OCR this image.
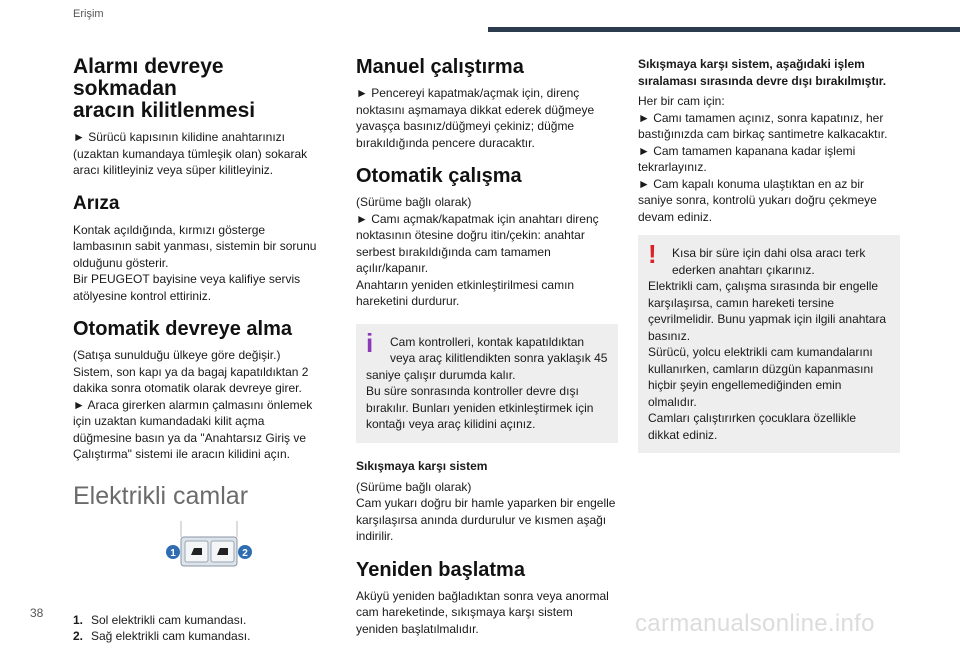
Erişim
Alarmı devreye sokmadan
aracın kilitlenmesi

► Sürücü kapısının kilidine anahtarınızı (uzaktan kumandaya tümleşik olan) sokarak aracı kilitleyiniz veya süper kilitleyiniz.

Arıza

Kontak açıldığında, kırmızı gösterge lambasının sabit yanması, sistemin bir sorunu olduğunu gösterir.
Bir PEUGEOT bayisine veya kalifiye servis atölyesine kontrol ettiriniz.

Otomatik devreye alma

(Satışa sunulduğu ülkeye göre değişir.)
Sistem, son kapı ya da bagaj kapatıldıktan 2 dakika sonra otomatik olarak devreye girer.
► Araca girerken alarmın çalmasını önlemek için uzaktan kumandadaki kilit açma düğmesine basın ya da "Anahtarsız Giriş ve Çalıştırma" sistemi ile aracın kilidini açın.

Elektrikli camlar
1	2
1. Sol elektrikli cam kumandası.
2. Sağ elektrikli cam kumandası.
Manuel çalıştırma

► Pencereyi kapatmak/açmak için, direnç noktasını aşmamaya dikkat ederek düğmeye yavaşça basınız/düğmeyi çekiniz; düğme bırakıldığında pencere duracaktır.

Otomatik çalışma

(Sürüme bağlı olarak)
► Camı açmak/kapatmak için anahtarı direnç noktasının ötesine doğru itin/çekin: anahtar serbest bırakıldığında cam tamamen açılır/kapanır.
Anahtarın yeniden etkinleştirilmesi camın hareketini durdurur.

i	Cam kontrolleri, kontak kapatıldıktan veya araç kilitlendikten sonra yaklaşık 45
saniye çalışır durumda kalır.
Bu süre sonrasında kontroller devre dışı bırakılır. Bunları yeniden etkinleştirmek için kontağı veya araç kilidini açınız.
Sıkışmaya karşı sistem

(Sürüme bağlı olarak)
Cam yukarı doğru bir hamle yaparken bir engelle karşılaşırsa anında durdurulur ve kısmen aşağı indirilir.

Yeniden başlatma

Aküyü yeniden bağladıktan sonra veya anormal cam hareketinde, sıkışmaya karşı sistem yeniden başlatılmalıdır.

Sıkışmaya karşı sistem, aşağıdaki işlem sıralaması sırasında devre dışı bırakılmıştır.

Her bir cam için:
► Camı tamamen açınız, sonra kapatınız, her bastığınızda cam birkaç santimetre kalkacaktır.
► Cam tamamen kapanana kadar işlemi tekrarlayınız.
► Cam kapalı konuma ulaştıktan en az bir saniye sonra, kontrolü yukarı doğru çekmeye devam ediniz.

!	Kısa bir süre için dahi olsa aracı terk ederken anahtarı çıkarınız.
Elektrikli cam, çalışma sırasında bir engelle karşılaşırsa, camın hareketi tersine çevrilmelidir. Bunu yapmak için ilgili anahtara basınız.
Sürücü, yolcu elektrikli cam kumandalarını kullanırken, camların düzgün kapanmasını hiçbir şeyin engellemediğinden emin olmalıdır.
Camları çalıştırırken çocuklara özellikle dikkat ediniz.
38	carmanualsonline.info
